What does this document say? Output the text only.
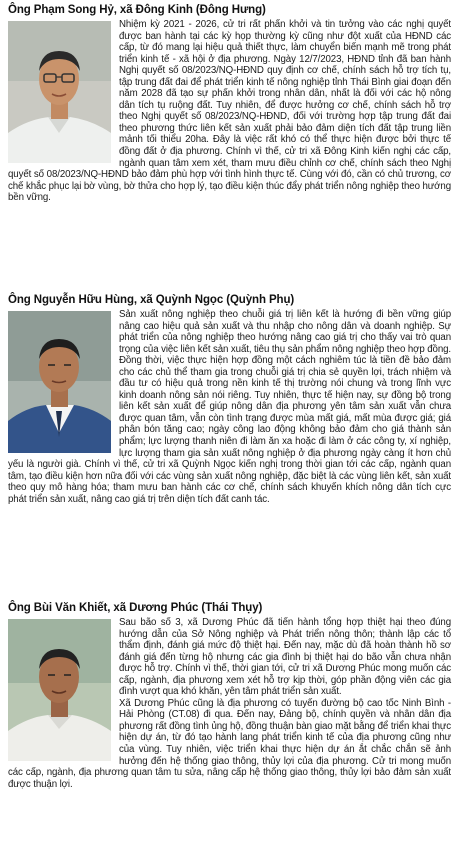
Ông Phạm Song Hỷ, xã Đông Kinh (Đông Hưng)

Nhiệm kỳ 2021 - 2026, cử tri rất phấn khởi và tin tưởng vào các nghị quyết được ban hành tại các kỳ họp thường kỳ cũng như đột xuất của HĐND các cấp, từ đó mang lại hiệu quả thiết thực, làm chuyển biến mạnh mẽ trong phát triển kinh tế - xã hội ở địa phương. Ngày 12/7/2023, HĐND tỉnh đã ban hành Nghị quyết số 08/2023/NQ-HĐND quy định cơ chế, chính sách hỗ trợ tích tụ, tập trung đất đai để phát triển kinh tế nông nghiệp tỉnh Thái Bình giai đoạn đến năm 2028 đã tạo sự phấn khởi trong nhân dân, nhất là đối với các hộ nông dân tích tụ ruộng đất. Tuy nhiên, để được hưởng cơ chế, chính sách hỗ trợ theo Nghị quyết số 08/2023/NQ-HĐND, đối với trường hợp tập trung đất đai theo phương thức liên kết sản xuất phải bảo đảm diện tích đất tập trung liền mảnh tối thiểu 20ha. Đây là việc rất khó có thể thực hiện được bởi thực tế đồng đất ở địa phương. Chính vì thế, cử tri xã Đông Kinh kiến nghị các cấp, ngành quan tâm xem xét, tham mưu điều chỉnh cơ chế, chính sách theo Nghị quyết số 08/2023/NQ-HĐND bảo đảm phù hợp với tình hình thực tế. Cùng với đó, cần có chủ trương, cơ chế khắc phục lại bờ vùng, bờ thửa cho hợp lý, tạo điều kiện thúc đẩy phát triển nông nghiệp theo hướng bền vững.

Ông Nguyễn Hữu Hùng, xã Quỳnh Ngọc (Quỳnh Phụ)

Sản xuất nông nghiệp theo chuỗi giá trị liên kết là hướng đi bền vững giúp nâng cao hiệu quả sản xuất và thu nhập cho nông dân và doanh nghiệp. Sự phát triển của nông nghiệp theo hướng nâng cao giá trị cho thấy vai trò quan trọng của việc liên kết sản xuất, tiêu thụ sản phẩm nông nghiệp theo hợp đồng. Đồng thời, việc thực hiện hợp đồng một cách nghiêm túc là tiền đề bảo đảm cho các chủ thể tham gia trong chuỗi giá trị chia sẻ quyền lợi, trách nhiệm và đầu tư có hiệu quả trong nền kinh tế thị trường nói chung và trong lĩnh vực kinh doanh nông sản nói riêng. Tuy nhiên, thực tế hiện nay, sự đồng bộ trong liên kết sản xuất để giúp nông dân địa phương yên tâm sản xuất vẫn chưa được quan tâm, vẫn còn tình trạng được mùa mất giá, mất mùa được giá; giá phân bón tăng cao; ngày công lao động không bảo đảm cho giá thành sản phẩm; lực lượng thanh niên đi làm ăn xa hoặc đi làm ở các công ty, xí nghiệp, lực lượng tham gia sản xuất nông nghiệp ở địa phương ngày càng ít hơn chủ yếu là người già. Chính vì thế, cử tri xã Quỳnh Ngọc kiến nghị trong thời gian tới các cấp, ngành quan tâm, tạo điều kiện hơn nữa đối với các vùng sản xuất nông nghiệp, đặc biệt là các vùng liên kết, sản xuất theo quy mô hàng hóa; tham mưu ban hành các cơ chế, chính sách khuyến khích nông dân tích cực phát triển sản xuất, nâng cao giá trị trên diện tích đất canh tác.

Ông Bùi Văn Khiết, xã Dương Phúc (Thái Thụy)

Sau bão số 3, xã Dương Phúc đã tiến hành tổng hợp thiệt hại theo đúng hướng dẫn của Sở Nông nghiệp và Phát triển nông thôn; thành lập các tổ thẩm định, đánh giá mức độ thiệt hại. Đến nay, mặc dù đã hoàn thành hồ sơ đánh giá đến từng hộ nhưng các gia đình bị thiệt hại do bão vẫn chưa nhận được hỗ trợ. Chính vì thế, thời gian tới, cử tri xã Dương Phúc mong muốn các cấp, ngành, địa phương xem xét hỗ trợ kịp thời, góp phần động viên các gia đình vượt qua khó khăn, yên tâm phát triển sản xuất.

Xã Dương Phúc cũng là địa phương có tuyến đường bộ cao tốc Ninh Bình - Hải Phòng (CT.08) đi qua. Đến nay, Đảng bộ, chính quyền và nhân dân địa phương rất đồng tình ủng hộ, đồng thuận bàn giao mặt bằng để triển khai thực hiện dự án, từ đó tạo hành lang phát triển kinh tế của địa phương cũng như của vùng. Tuy nhiên, việc triển khai thực hiện dự án ắt chắc chắn sẽ ảnh hưởng đến hệ thống giao thông, thủy lợi của địa phương. Cử tri mong muốn các cấp, ngành, địa phương quan tâm tu sửa, nâng cấp hệ thống giao thông, thủy lợi bảo đảm sản xuất được thuận lợi.
